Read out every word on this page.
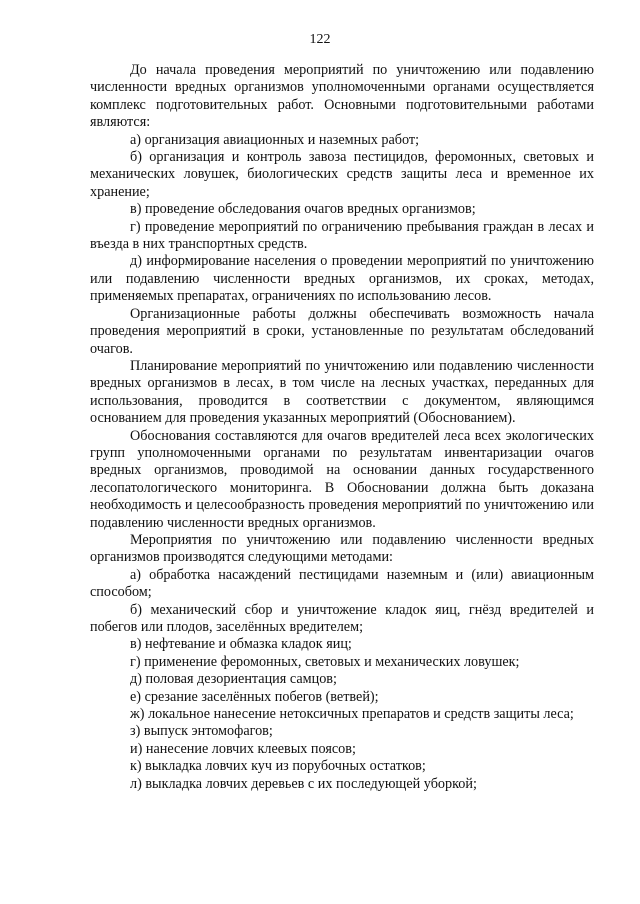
122

До начала проведения мероприятий по уничтожению или подавлению численности вредных организмов уполномоченными органами осуществляется комплекс подготовительных работ. Основными подготовительными работами являются:

а) организация авиационных и наземных работ;

б) организация и контроль завоза пестицидов, феромонных, световых и механических ловушек, биологических средств защиты леса и временное их хранение;

в) проведение обследования очагов вредных организмов;

г) проведение мероприятий по ограничению пребывания граждан в лесах и въезда в них транспортных средств.

д) информирование населения о проведении мероприятий по уничтожению или подавлению численности вредных организмов, их сроках, методах, применяемых препаратах, ограничениях по использованию лесов.

Организационные работы должны обеспечивать возможность начала проведения мероприятий в сроки, установленные по результатам обследований очагов.

Планирование мероприятий по уничтожению или подавлению численности вредных организмов в лесах, в том числе на лесных участках, переданных для использования, проводится в соответствии с документом, являющимся основанием для проведения указанных мероприятий (Обоснованием).

Обоснования составляются для очагов вредителей леса всех экологических групп уполномоченными органами по результатам инвентаризации очагов вредных организмов, проводимой на основании данных государственного лесопатологического мониторинга. В Обосновании должна быть доказана необходимость и целесообразность проведения мероприятий по уничтожению или подавлению численности вредных организмов.

Мероприятия по уничтожению или подавлению численности вредных организмов производятся следующими методами:

а) обработка насаждений пестицидами наземным и (или) авиационным способом;

б) механический сбор и уничтожение кладок яиц, гнёзд вредителей и побегов или плодов, заселённых вредителем;

в) нефтевание и обмазка кладок яиц;

г) применение феромонных, световых и механических ловушек;

д) половая дезориентация самцов;

е) срезание заселённых побегов (ветвей);

ж) локальное нанесение нетоксичных препаратов и средств защиты леса;

з) выпуск энтомофагов;

и) нанесение ловчих клеевых поясов;

к) выкладка ловчих куч из порубочных остатков;

л) выкладка ловчих деревьев с их последующей уборкой;
